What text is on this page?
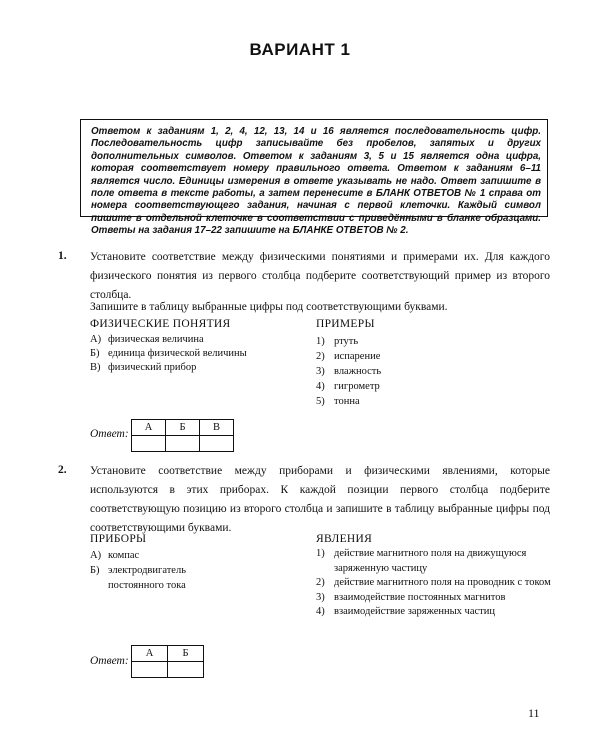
ВАРИАНТ 1
Ответом к заданиям 1, 2, 4, 12, 13, 14 и 16 является последовательность цифр. Последовательность цифр записывайте без пробелов, запятых и других дополнительных символов. Ответом к заданиям 3, 5 и 15 является одна цифра, которая соответствует номеру правильного ответа. Ответом к заданиям 6–11 является число. Единицы измерения в ответе указывать не надо. Ответ запишите в поле ответа в тексте работы, а затем перенесите в БЛАНК ОТВЕТОВ № 1 справа от номера соответствующего задания, начиная с первой клеточки. Каждый символ пишите в отдельной клеточке в соответствии с приведёнными в бланке образцами. Ответы на задания 17–22 запишите на БЛАНКЕ ОТВЕТОВ № 2.
1. Установите соответствие между физическими понятиями и примерами их. Для каждого физического понятия из первого столбца подберите соответствующий пример из второго столбца.
Запишите в таблицу выбранные цифры под соответствующими буквами.
ФИЗИЧЕСКИЕ ПОНЯТИЯ
А) физическая величина
Б) единица физической величины
В) физический прибор
ПРИМЕРЫ
1) ртуть
2) испарение
3) влажность
4) гигрометр
5) тонна
Ответ:
А	Б	В

2. Установите соответствие между приборами и физическими явлениями, которые используются в этих приборах. К каждой позиции первого столбца подберите соответствующую позицию из второго столбца и запишите в таблицу выбранные цифры под соответствующими буквами.
ПРИБОРЫ
А) компас
Б) электродвигатель постоянного тока
ЯВЛЕНИЯ
1) действие магнитного поля на движущуюся заряженную частицу
2) действие магнитного поля на проводник с током
3) взаимодействие постоянных магнитов
4) взаимодействие заряженных частиц
Ответ:
А	Б

11
